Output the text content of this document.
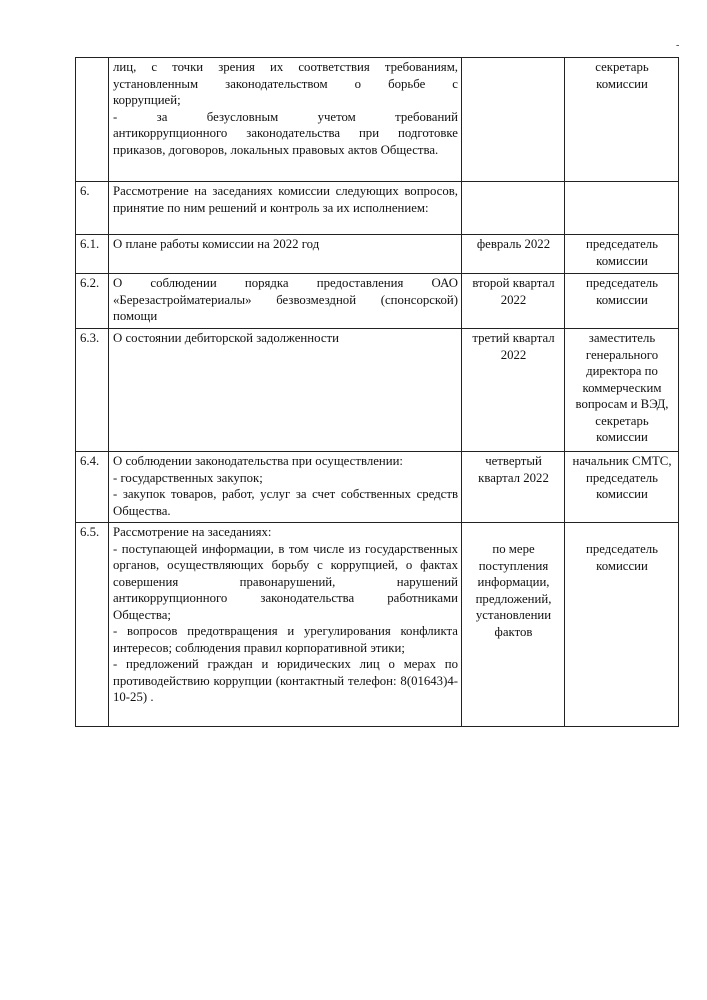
-

	лиц, с точки зрения их соответствия требованиям,
установленным законодательством о борьбе с
коррупцией;
- за безусловным учетом требований
антикоррупционного законодательства при подготовке приказов, договоров, локальных правовых актов Общества.		секретарь комиссии
6.	Рассмотрение на заседаниях комиссии следующих вопросов, принятие по ним решений и контроль за их исполнением:		
6.1.	О плане работы комиссии на 2022 год	февраль 2022	председатель комиссии
6.2.	О соблюдении порядка предоставления ОАО «Березастройматериалы» безвозмездной (спонсорской) помощи	второй квартал 2022	председатель комиссии
6.3.	О состоянии дебиторской задолженности	третий квартал 2022	заместитель генерального директора по коммерческим вопросам и ВЭД, секретарь комиссии
6.4.	О соблюдении законодательства при осуществлении:
- государственных закупок;
- закупок товаров, работ, услуг за счет собственных средств Общества.	четвертый квартал 2022	начальник СМТС, председатель комиссии
6.5.	Рассмотрение на заседаниях:
- поступающей информации, в том числе из государственных органов, осуществляющих борьбу с коррупцией, о фактах совершения правонарушений, нарушений антикоррупционного законодательства работниками Общества;
- вопросов предотвращения и урегулирования конфликта интересов; соблюдения правил корпоративной этики;
- предложений граждан и юридических лиц о мерах по противодействию коррупции (контактный телефон: 8(01643)4-10-25) .	по мере поступления информации, предложений, установлении фактов	председатель комиссии
